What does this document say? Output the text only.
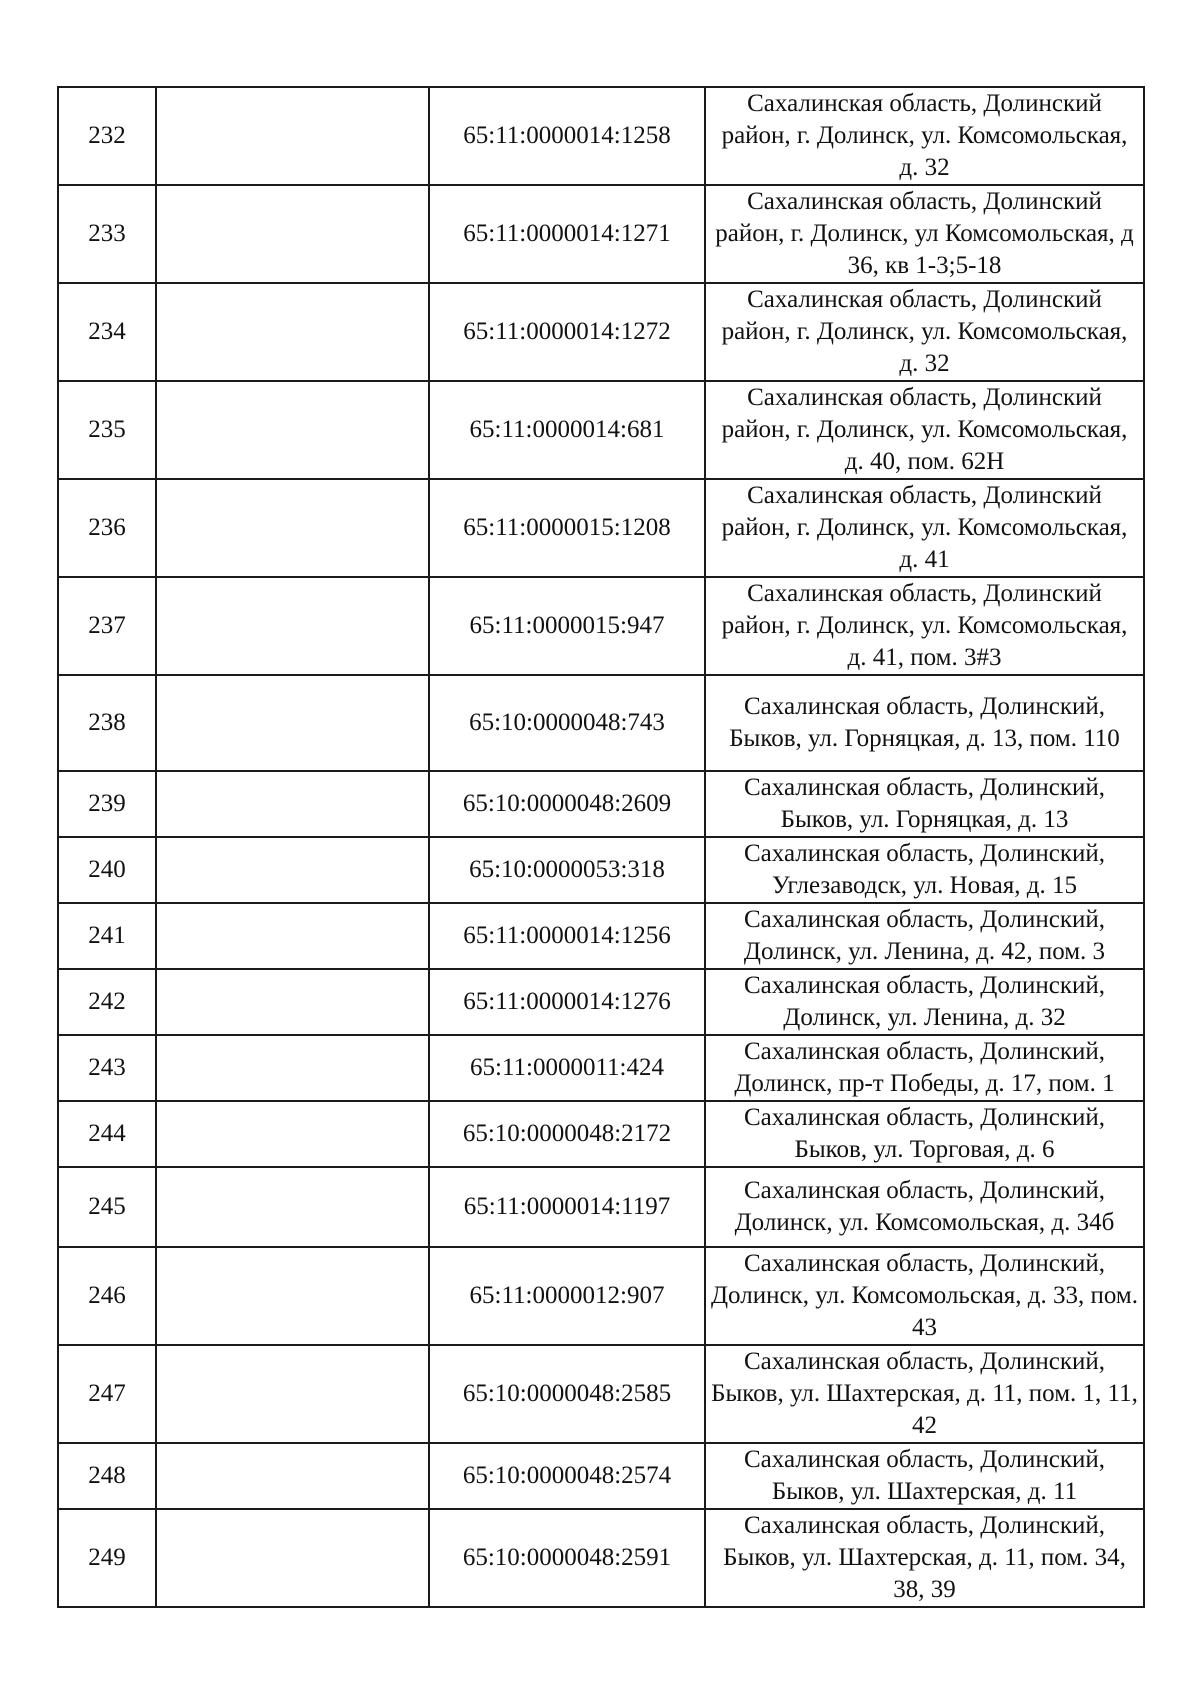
232		65:11:0000014:1258	Сахалинская область, Долинский район, г. Долинск, ул. Комсомольская, д. 32
233		65:11:0000014:1271	Сахалинская область, Долинский район, г. Долинск, ул Комсомольская, д 36, кв 1-3;5-18
234		65:11:0000014:1272	Сахалинская область, Долинский район, г. Долинск, ул. Комсомольская, д. 32
235		65:11:0000014:681	Сахалинская область, Долинский район, г. Долинск, ул. Комсомольская, д. 40, пом. 62Н
236		65:11:0000015:1208	Сахалинская область, Долинский район, г. Долинск, ул. Комсомольская, д. 41
237		65:11:0000015:947	Сахалинская область, Долинский район, г. Долинск, ул. Комсомольская, д. 41, пом. 3#3
238		65:10:0000048:743	Сахалинская область, Долинский, Быков, ул. Горняцкая, д. 13, пом. 110
239		65:10:0000048:2609	Сахалинская область, Долинский, Быков, ул. Горняцкая, д. 13
240		65:10:0000053:318	Сахалинская область, Долинский, Углезаводск, ул. Новая, д. 15
241		65:11:0000014:1256	Сахалинская область, Долинский, Долинск, ул. Ленина, д. 42, пом. 3
242		65:11:0000014:1276	Сахалинская область, Долинский, Долинск, ул. Ленина, д. 32
243		65:11:0000011:424	Сахалинская область, Долинский, Долинск, пр-т Победы, д. 17, пом. 1
244		65:10:0000048:2172	Сахалинская область, Долинский, Быков, ул. Торговая, д. 6
245		65:11:0000014:1197	Сахалинская область, Долинский, Долинск, ул. Комсомольская, д. 34б
246		65:11:0000012:907	Сахалинская область, Долинский, Долинск, ул. Комсомольская, д. 33, пом. 43
247		65:10:0000048:2585	Сахалинская область, Долинский, Быков, ул. Шахтерская, д. 11, пом. 1, 11, 42
248		65:10:0000048:2574	Сахалинская область, Долинский, Быков, ул. Шахтерская, д. 11
249		65:10:0000048:2591	Сахалинская область, Долинский, Быков, ул. Шахтерская, д. 11, пом. 34, 38, 39
